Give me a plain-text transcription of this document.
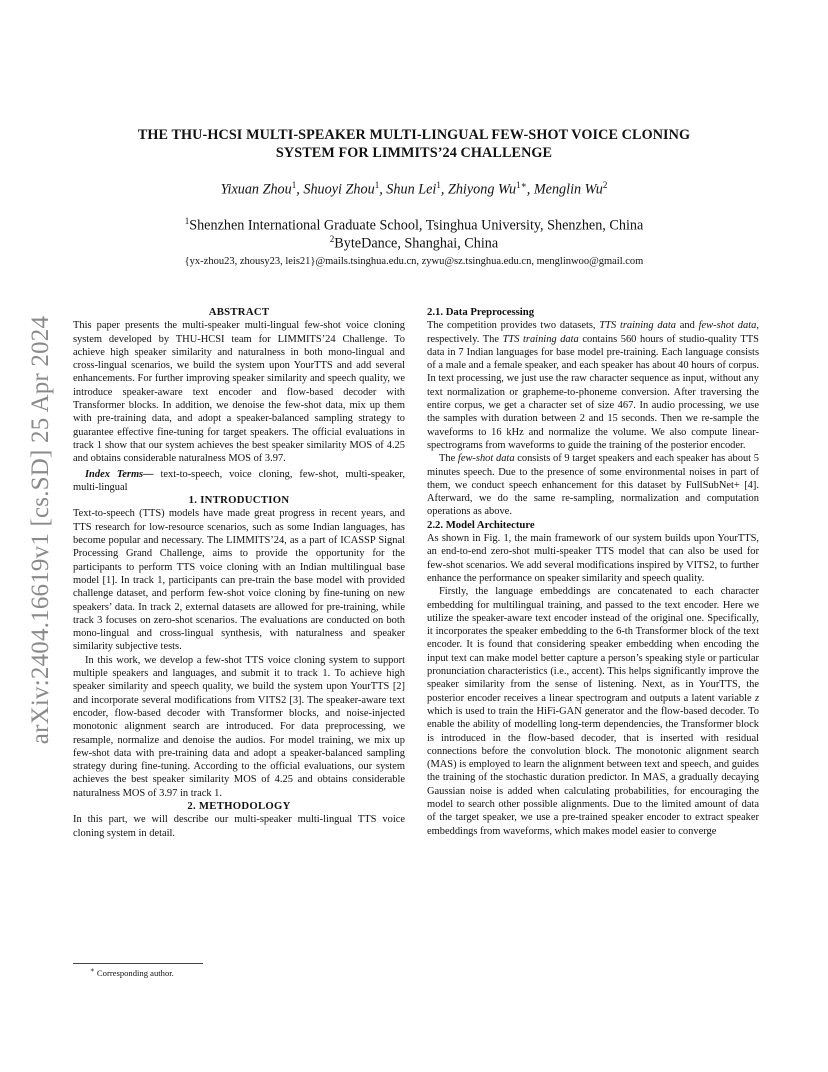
arXiv:2404.16619v1 [cs.SD] 25 Apr 2024
THE THU-HCSI MULTI-SPEAKER MULTI-LINGUAL FEW-SHOT VOICE CLONING
SYSTEM FOR LIMMITS’24 CHALLENGE
Yixuan Zhou$^1$, Shuoyi Zhou$^1$, Shun Lei$^1$, Zhiyong $Wu^{1∗}$, Menglin Wu$^2$
$^1$Shenzhen International Graduate School, Tsinghua University, Shenzhen, China
$^2$ByteDance, Shanghai, China
{yx-zhou23, zhousy23, leis21}@mails.tsinghua.edu.cn, zywu@sz.tsinghua.edu.cn, menglinwoo@gmail.com

ABSTRACT

This paper presents the multi-speaker multi-lingual few-shot voice cloning system developed by THU-HCSI team for LIMMITS’24 Challenge. To achieve high speaker similarity and naturalness in both mono-lingual and cross-lingual scenarios, we build the system upon YourTTS and add several enhancements. For further improving speaker similarity and speech quality, we introduce speaker-aware text encoder and flow-based decoder with Transformer blocks. In addition, we denoise the few-shot data, mix up them with pre-training data, and adopt a speaker-balanced sampling strategy to guarantee effective fine-tuning for target speakers. The official evaluations in track 1 show that our system achieves the best speaker similarity MOS of 4.25 and obtains considerable naturalness MOS of 3.97.

Index Terms— text-to-speech, voice cloning, few-shot, multi-speaker, multi-lingual

1. INTRODUCTION

Text-to-speech (TTS) models have made great progress in recent years, and TTS research for low-resource scenarios, such as some Indian languages, has become popular and necessary. The LIMMITS’24, as a part of ICASSP Signal Processing Grand Challenge, aims to provide the opportunity for the participants to perform TTS voice cloning with an Indian multilingual base model [1]. In track 1, participants can pre-train the base model with provided challenge dataset, and perform few-shot voice cloning by fine-tuning on new speakers’ data. In track 2, external datasets are allowed for pre-training, while track 3 focuses on zero-shot scenarios. The evaluations are conducted on both mono-lingual and cross-lingual synthesis, with naturalness and speaker similarity subjective tests.

In this work, we develop a few-shot TTS voice cloning system to support multiple speakers and languages, and submit it to track 1. To achieve high speaker similarity and speech quality, we build the system upon YourTTS [2] and incorporate several modifications from VITS2 [3]. The speaker-aware text encoder, flow-based decoder with Transformer blocks, and noise-injected monotonic alignment search are introduced. For data preprocessing, we resample, normalize and denoise the audios. For model training, we mix up few-shot data with pre-training data and adopt a speaker-balanced sampling strategy during fine-tuning. According to the official evaluations, our system achieves the best speaker similarity MOS of 4.25 and obtains considerable naturalness MOS of 3.97 in track 1.

2. METHODOLOGY

In this part, we will describe our multi-speaker multi-lingual TTS voice cloning system in detail.

∗ Corresponding author.

2.1. Data Preprocessing

The competition provides two datasets, TTS training data and few-shot data, respectively. The TTS training data contains 560 hours of studio-quality TTS data in 7 Indian languages for base model pre-training. Each language consists of a male and a female speaker, and each speaker has about 40 hours of corpus. In text processing, we just use the raw character sequence as input, without any text normalization or grapheme-to-phoneme conversion. After traversing the entire corpus, we get a character set of size 467. In audio processing, we use the samples with duration between 2 and 15 seconds. Then we re-sample the waveforms to 16 kHz and normalize the volume. We also compute linear-spectrograms from waveforms to guide the training of the posterior encoder.

The few-shot data consists of 9 target speakers and each speaker has about 5 minutes speech. Due to the presence of some environmental noises in part of them, we conduct speech enhancement for this dataset by FullSubNet+ [4]. Afterward, we do the same re-sampling, normalization and computation operations as above.

2.2. Model Architecture

As shown in Fig. 1, the main framework of our system builds upon YourTTS, an end-to-end zero-shot multi-speaker TTS model that can also be used for few-shot scenarios. We add several modifications inspired by VITS2, to further enhance the performance on speaker similarity and speech quality.

Firstly, the language embeddings are concatenated to each character embedding for multilingual training, and passed to the text encoder. Here we utilize the speaker-aware text encoder instead of the original one. Specifically, it incorporates the speaker embedding to the 6-th Transformer block of the text encoder. It is found that considering speaker embedding when encoding the input text can make model better capture a person’s speaking style or particular pronunciation characteristics (i.e., accent). This helps significantly improve the speaker similarity from the sense of listening. Next, as in YourTTS, the posterior encoder receives a linear spectrogram and outputs a latent variable z which is used to train the HiFi-GAN generator and the flow-based decoder. To enable the ability of modelling long-term dependencies, the Transformer block is introduced in the flow-based decoder, that is inserted with residual connections before the convolution block. The monotonic alignment search (MAS) is employed to learn the alignment between text and speech, and guides the training of the stochastic duration predictor. In MAS, a gradually decaying Gaussian noise is added when calculating probabilities, for encouraging the model to search other possible alignments. Due to the limited amount of data of the target speaker, we use a pre-trained speaker encoder to extract speaker embeddings from waveforms, which makes model easier to converge
